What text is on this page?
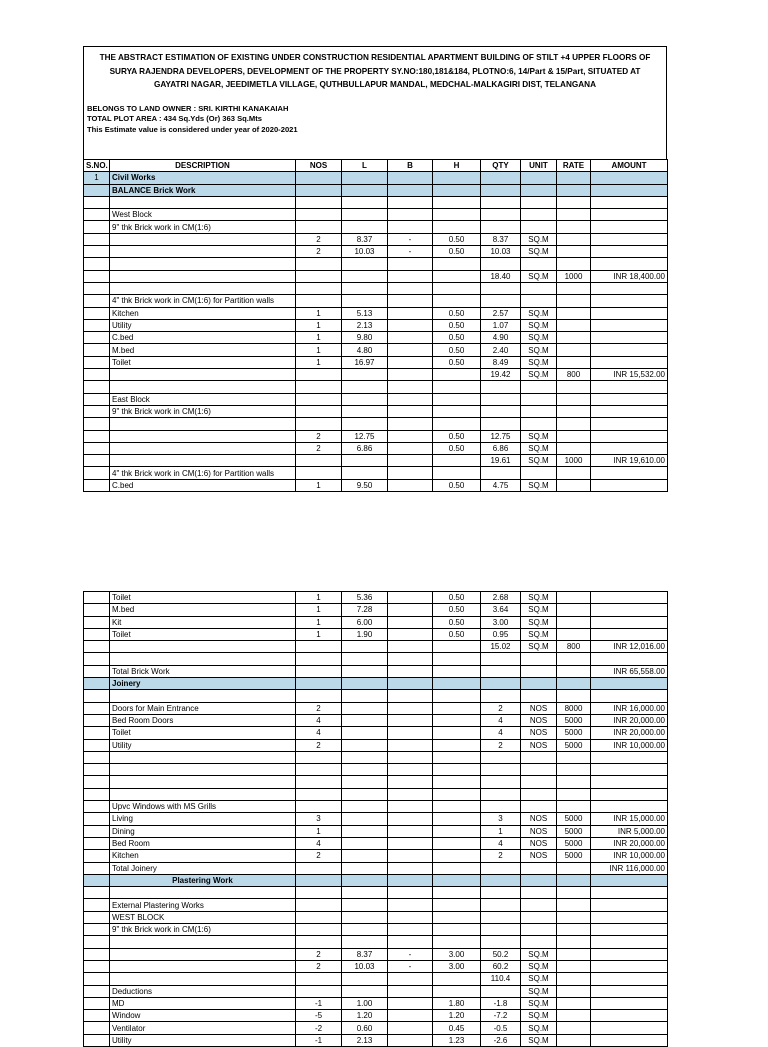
THE ABSTRACT ESTIMATION OF EXISTING UNDER CONSTRUCTION RESIDENTIAL APARTMENT BUILDING OF STILT +4 UPPER FLOORS OF
SURYA RAJENDRA DEVELOPERS, DEVELOPMENT OF THE PROPERTY SY.NO:180,181&184, PLOTNO:6, 14/Part & 15/Part, SITUATED AT
GAYATRI NAGAR, JEEDIMETLA VILLAGE, QUTHBULLAPUR MANDAL, MEDCHAL-MALKAGIRI DIST, TELANGANA
BELONGS TO LAND OWNER : SRI. KIRTHI KANAKAIAH
TOTAL PLOT AREA : 434 Sq.Yds (Or) 363 Sq.Mts
This Estimate value is considered under year of 2020-2021
S.NO.	DESCRIPTION	NOS	L	B	H	QTY	UNIT	RATE	AMOUNT
1	Civil Works								
	BALANCE Brick Work								

	West Block								
	9" thk Brick work in CM(1:6)								
		2	8.37	-	0.50	8.37	SQ.M		
		2	10.03	-	0.50	10.03	SQ.M		

						18.40	SQ.M	1000	INR 18,400.00

	4" thk Brick work in CM(1:6) for Partition walls								
	Kitchen	1	5.13		0.50	2.57	SQ.M		
	Utility	1	2.13		0.50	1.07	SQ.M		
	C.bed	1	9.80		0.50	4.90	SQ.M		
	M.bed	1	4.80		0.50	2.40	SQ.M		
	Toilet	1	16.97		0.50	8.49	SQ.M		
						19.42	SQ.M	800	INR 15,532.00

	East Block								
	9" thk Brick work in CM(1:6)								

		2	12.75		0.50	12.75	SQ.M		
		2	6.86		0.50	6.86	SQ.M		
						19.61	SQ.M	1000	INR 19,610.00
	4" thk Brick work in CM(1:6) for Partition walls								
	C.bed	1	9.50		0.50	4.75	SQ.M		
	Toilet	1	5.36		0.50	2.68	SQ.M		
	M.bed	1	7.28		0.50	3.64	SQ.M		
	Kit	1	6.00		0.50	3.00	SQ.M		
	Toilet	1	1.90		0.50	0.95	SQ.M		
						15.02	SQ.M	800	INR 12,016.00

	Total Brick Work								INR 65,558.00
	Joinery								

	Doors for Main Entrance	2				2	NOS	8000	INR 16,000.00
	Bed Room Doors	4				4	NOS	5000	INR 20,000.00
	Toilet	4				4	NOS	5000	INR 20,000.00
	Utility	2				2	NOS	5000	INR 10,000.00

	Upvc Windows with MS Grills								
	Living	3				3	NOS	5000	INR 15,000.00
	Dining	1				1	NOS	5000	INR 5,000.00
	Bed Room	4				4	NOS	5000	INR 20,000.00
	Kitchen	2				2	NOS	5000	INR 10,000.00
	Total Joinery								INR 116,000.00
	Plastering Work								

	External Plastering Works								
	WEST BLOCK								
	9" thk Brick work in CM(1:6)								

		2	8.37	-	3.00	50.2	SQ.M		
		2	10.03	-	3.00	60.2	SQ.M		
						110.4	SQ.M		
	Deductions						SQ.M		
	MD	-1	1.00		1.80	-1.8	SQ.M		
	Window	-5	1.20		1.20	-7.2	SQ.M		
	Ventilator	-2	0.60		0.45	-0.5	SQ.M		
	Utility	-1	2.13		1.23	-2.6	SQ.M		
